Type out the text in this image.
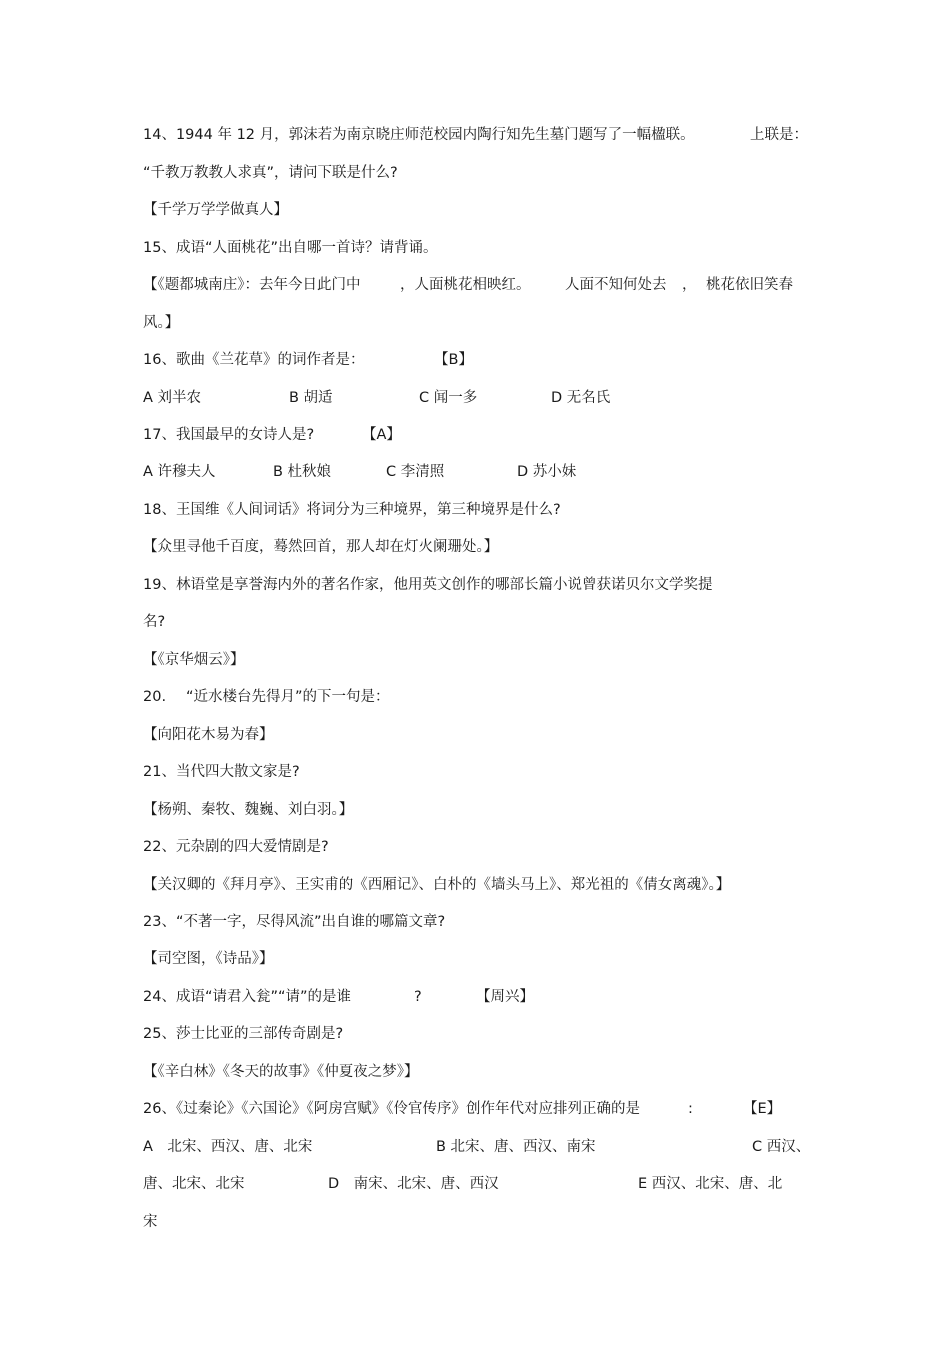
14、1944 年 12 月，郭沫若为南京晓庄师范校园内陶行知先生墓门题写了一幅楹联。	上联是：
“千教万教教人求真”，请问下联是什么?
【千学万学学做真人】
15、成语“人面桃花”出自哪一首诗？请背诵。
【《题都城南庄》：去年今日此门中	，人面桃花相映红。 人面不知何处去 ， 桃花依旧笑春
风。】
16、歌曲《兰花草》的词作者是：	【B】
A 刘半农	B 胡适	C 闻一多	D 无名氏
17、我国最早的女诗人是?	【A】
A 许穆夫人	B 杜秋娘	C 李清照	D 苏小妹
18、王国维《人间词话》将词分为三种境界，第三种境界是什么?
【众里寻他千百度，蓦然回首，那人却在灯火阑珊处。】
19、林语堂是享誉海内外的著名作家，他用英文创作的哪部长篇小说曾获诺贝尔文学奖提
名?
【《京华烟云》】
20. “近水楼台先得月”的下一句是：
【向阳花木易为春】
21、当代四大散文家是?
【杨朔、秦牧、魏巍、刘白羽。】
22、元杂剧的四大爱情剧是?
【关汉卿的《拜月亭》、王实甫的《西厢记》、白朴的《墙头马上》、郑光祖的《倩女离魂》。】
23、“不著一字，尽得风流”出自谁的哪篇文章?
【司空图，《诗品》】
24、成语“请君入瓮”“请”的是谁	?	【周兴】
25、莎士比亚的三部传奇剧是?
【《辛白林》《冬天的故事》《仲夏夜之梦》】
26、《过秦论》《六国论》《阿房宫赋》《伶官传序》创作年代对应排列正确的是	:	【E】
A　北宋、西汉、唐、北宋	B 北宋、唐、西汉、南宋	C 西汉、
唐、北宋、北宋	D　南宋、北宋、唐、西汉	E 西汉、北宋、唐、北
宋
